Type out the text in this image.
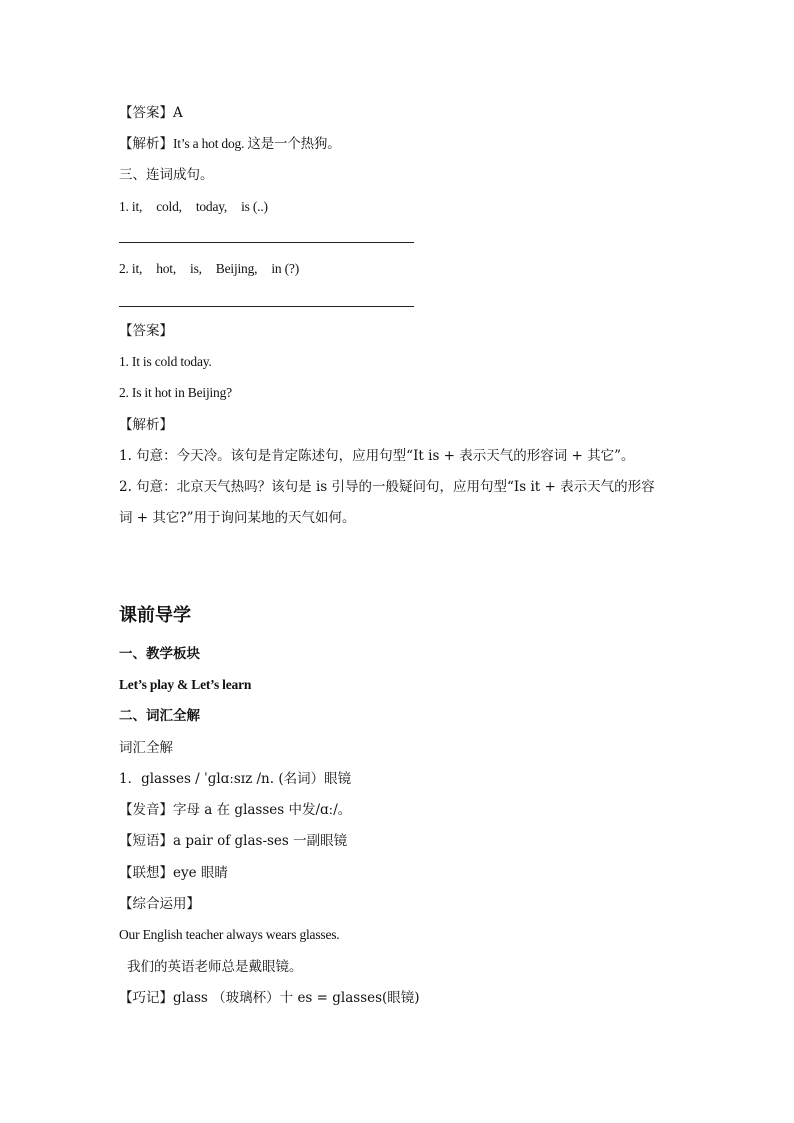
【答案】A
【解析】It’s a hot dog. 这是一个热狗。
三、连词成句。
1. it, cold, today, is (..)
2. it, hot, is, Beijing, in (?)
【答案】
1. It is cold today.
2. Is it hot in Beijing?
【解析】
1. 句意：今天冷。该句是肯定陈述句，应用句型“It is + 表示天气的形容词 + 其它”。
2. 句意：北京天气热吗？该句是 is 引导的一般疑问句，应用句型“Is it + 表示天气的形容
词 + 其它?”用于询问某地的天气如何。
课前导学
一、教学板块
Let’s play & Let’s learn
二、词汇全解
词汇全解
1．glasses / ˈɡlɑːsɪz /n. (名词）眼镜
【发音】字母 a 在 glasses 中发/ɑː/。
【短语】a pair of glas-ses 一副眼镜
【联想】eye 眼睛
【综合运用】
Our English teacher always wears glasses.
我们的英语老师总是戴眼镜。
【巧记】glass （玻璃杯）十 es = glasses(眼镜)
